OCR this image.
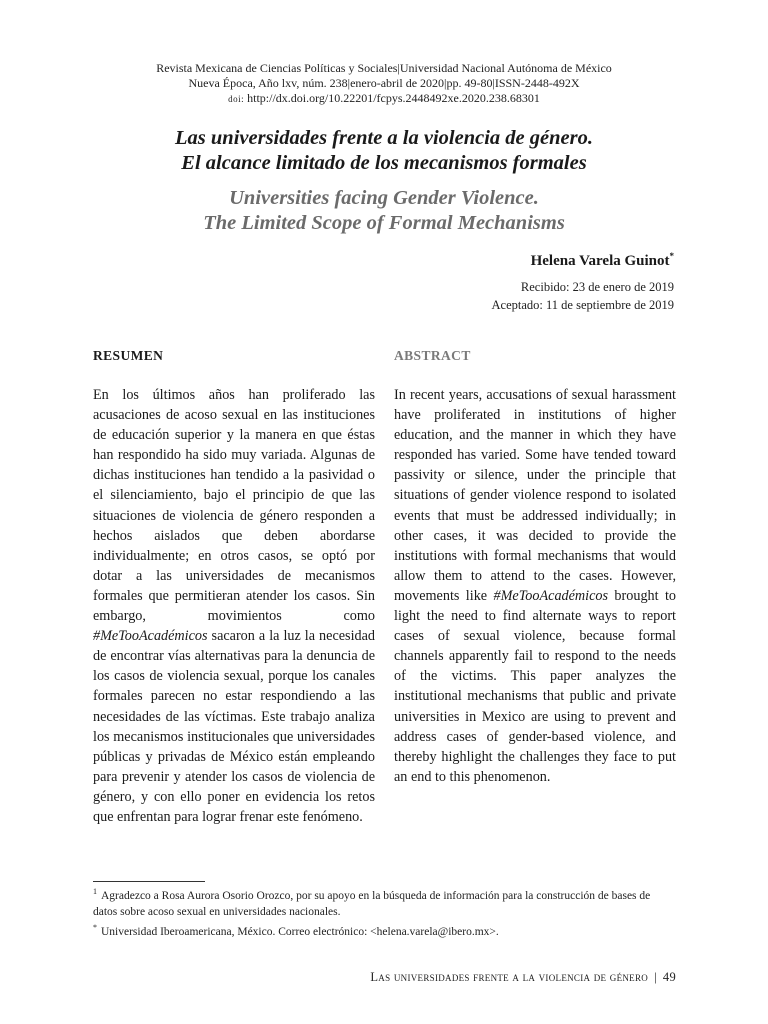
Revista Mexicana de Ciencias Políticas y Sociales|Universidad Nacional Autónoma de México
Nueva Época, Año lxv, núm. 238|enero-abril de 2020|pp. 49-80|ISSN-2448-492X
doi: http://dx.doi.org/10.22201/fcpys.2448492xe.2020.238.68301
Las universidades frente a la violencia de género.
El alcance limitado de los mecanismos formales
Universities facing Gender Violence.
The Limited Scope of Formal Mechanisms
Helena Varela Guinot*
Recibido: 23 de enero de 2019
Aceptado: 11 de septiembre de 2019
RESUMEN

En los últimos años han proliferado las acusaciones de acoso sexual en las instituciones de educación superior y la manera en que éstas han respondido ha sido muy variada. Algunas de dichas instituciones han tendido a la pasividad o el silenciamiento, bajo el principio de que las situaciones de violencia de género responden a hechos aislados que deben abordarse individualmente; en otros casos, se optó por dotar a las universidades de mecanismos formales que permitieran atender los casos. Sin embargo, movimientos como #MeTooAcadémicos sacaron a la luz la necesidad de encontrar vías alternativas para la denuncia de los casos de violencia sexual, porque los canales formales parecen no estar respondiendo a las necesidades de las víctimas. Este trabajo analiza los mecanismos institucionales que universidades públicas y privadas de México están empleando para prevenir y atender los casos de violencia de género, y con ello poner en evidencia los retos que enfrentan para lograr frenar este fenómeno.

ABSTRACT

In recent years, accusations of sexual harassment have proliferated in institutions of higher education, and the manner in which they have responded has varied. Some have tended toward passivity or silence, under the principle that situations of gender violence respond to isolated events that must be addressed individually; in other cases, it was decided to provide the institutions with formal mechanisms that would allow them to attend to the cases. However, movements like #MeTooAcadémicos brought to light the need to find alternate ways to report cases of sexual violence, because formal channels apparently fail to respond to the needs of the victims. This paper analyzes the institutional mechanisms that public and private universities in Mexico are using to prevent and address cases of gender-based violence, and thereby highlight the challenges they face to put an end to this phenomenon.

$^1$ Agradezco a Rosa Aurora Osorio Orozco, por su apoyo en la búsqueda de información para la construcción de bases de datos sobre acoso sexual en universidades nacionales.

* Universidad Iberoamericana, México. Correo electrónico: <helena.varela@ibero.mx>.

Las universidades frente a la violencia de género | 49
